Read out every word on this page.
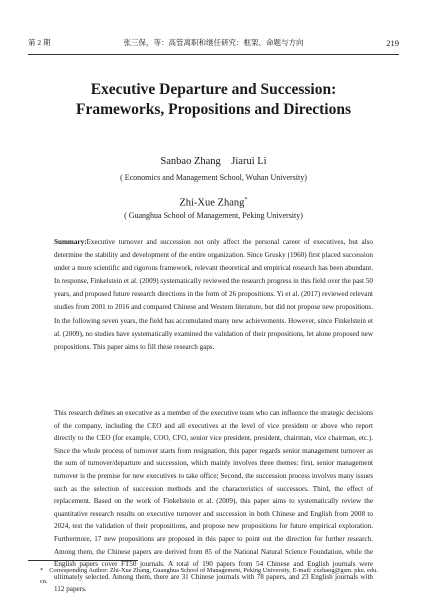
第 2 期	张三保，等：高管离职和继任研究：框架、命题与方向	219
Executive Departure and Succession:
Frameworks, Propositions and Directions
Sanbao Zhang    Jiarui Li
( Economics and Management School, Wuhan University)
Zhi-Xue Zhang*
( Guanghua School of Management, Peking University)
Summary:Executive turnover and succession not only affect the personal career of executives, but also determine the stability and development of the entire organization. Since Grusky (1960) first placed succession under a more scientific and rigorous framework, relevant theoretical and empirical research has been abundant. In response, Finkelstein et al. (2009) systematically reviewed the research progress in this field over the past 50 years, and proposed future research directions in the form of 26 propositions. Yi et al. (2017) reviewed relevant studies from 2001 to 2016 and compared Chinese and Western literature, but did not propose new propositions. In the following seven years, the field has accumulated many new achievements. However, since Finkelstein et al. (2009), no studies have systematically examined the validation of their propositions, let alone proposed new propositions. This paper aims to fill these research gaps.
This research defines an executive as a member of the executive team who can influence the strategic decisions of the company, including the CEO and all executives at the level of vice president or above who report directly to the CEO (for example, COO, CFO, senior vice president, president, chairman, vice chairman, etc.). Since the whole process of turnover starts from resignation, this paper regards senior management turnover as the sum of turnover/departure and succession, which mainly involves three themes: first, senior management turnover is the premise for new executives to take office; Second, the succession process involves many issues such as the selection of succession methods and the characteristics of successors. Third, the effect of replacement. Based on the work of Finkelstein et al. (2009), this paper aims to systematically review the quantitative research results on executive turnover and succession in both Chinese and English from 2008 to 2024, test the validation of their propositions, and propose new propositions for future empirical exploration. Furthermore, 17 new propositions are proposed in this paper to point out the direction for further research. Among them, the Chinese papers are derived from 85 of the National Natural Science Foundation, while the English papers cover FT50 journals. A total of 190 papers from 54 Chinese and English journals were ultimately selected. Among them, there are 31 Chinese journals with 78 papers, and 23 English journals with 112 papers.
* Corresponding Author: Zhi-Xue Zhang, Guanghua School of Management, Peking University, E-mail: zxzhang@gsm. pku. edu. cn.
